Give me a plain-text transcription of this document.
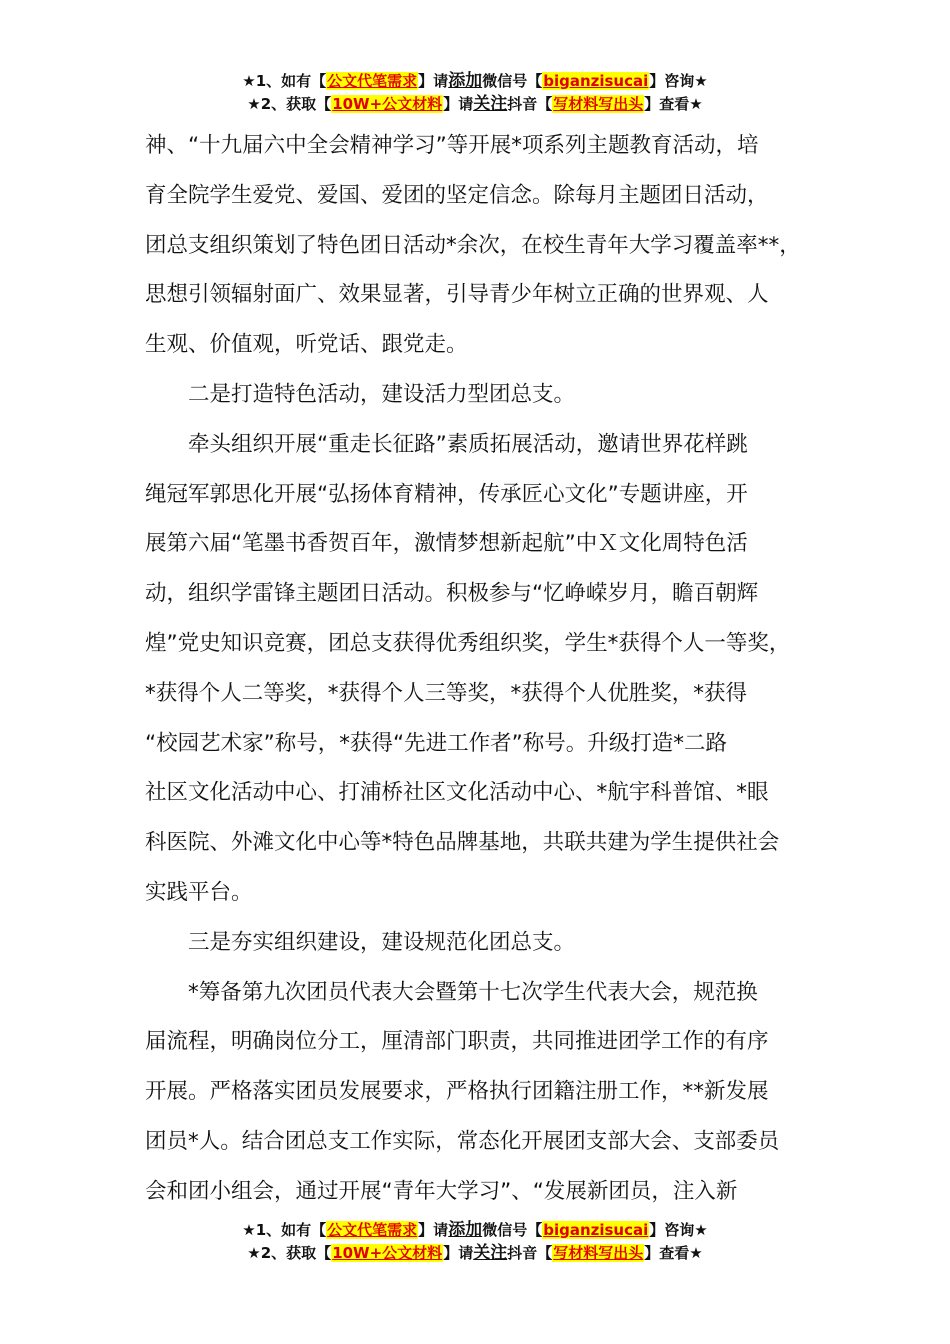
★1、如有【公文代笔需求】请添加微信号【biganzisucai】咨询★
★2、获取【10W+公文材料】请关注抖音【写材料写出头】查看★
神、“十九届六中全会精神学习”等开展*项系列主题教育活动，培
育全院学生爱党、爱国、爱团的坚定信念。除每月主题团日活动，
团总支组织策划了特色团日活动*余次，在校生青年大学习覆盖率**，
思想引领辐射面广、效果显著，引导青少年树立正确的世界观、人
生观、价值观，听党话、跟党走。
　　二是打造特色活动，建设活力型团总支。
　　牵头组织开展“重走长征路”素质拓展活动，邀请世界花样跳
绳冠军郭思化开展“弘扬体育精神，传承匠心文化”专题讲座，开
展第六届“笔墨书香贺百年，激情梦想新起航”中Ｘ文化周特色活
动，组织学雷锋主题团日活动。积极参与“忆峥嵘岁月，瞻百朝辉
煌”党史知识竞赛，团总支获得优秀组织奖，学生*获得个人一等奖，
*获得个人二等奖，*获得个人三等奖，*获得个人优胜奖，*获得
“校园艺术家”称号，*获得“先进工作者”称号。升级打造*二路
社区文化活动中心、打浦桥社区文化活动中心、*航宇科普馆、*眼
科医院、外滩文化中心等*特色品牌基地，共联共建为学生提供社会
实践平台。
　　三是夯实组织建设，建设规范化团总支。
　　*筹备第九次团员代表大会暨第十七次学生代表大会，规范换
届流程，明确岗位分工，厘清部门职责，共同推进团学工作的有序
开展。严格落实团员发展要求，严格执行团籍注册工作，**新发展
团员*人。结合团总支工作实际，常态化开展团支部大会、支部委员
会和团小组会，通过开展“青年大学习”、“发展新团员，注入新
★1、如有【公文代笔需求】请添加微信号【biganzisucai】咨询★
★2、获取【10W+公文材料】请关注抖音【写材料写出头】查看★
